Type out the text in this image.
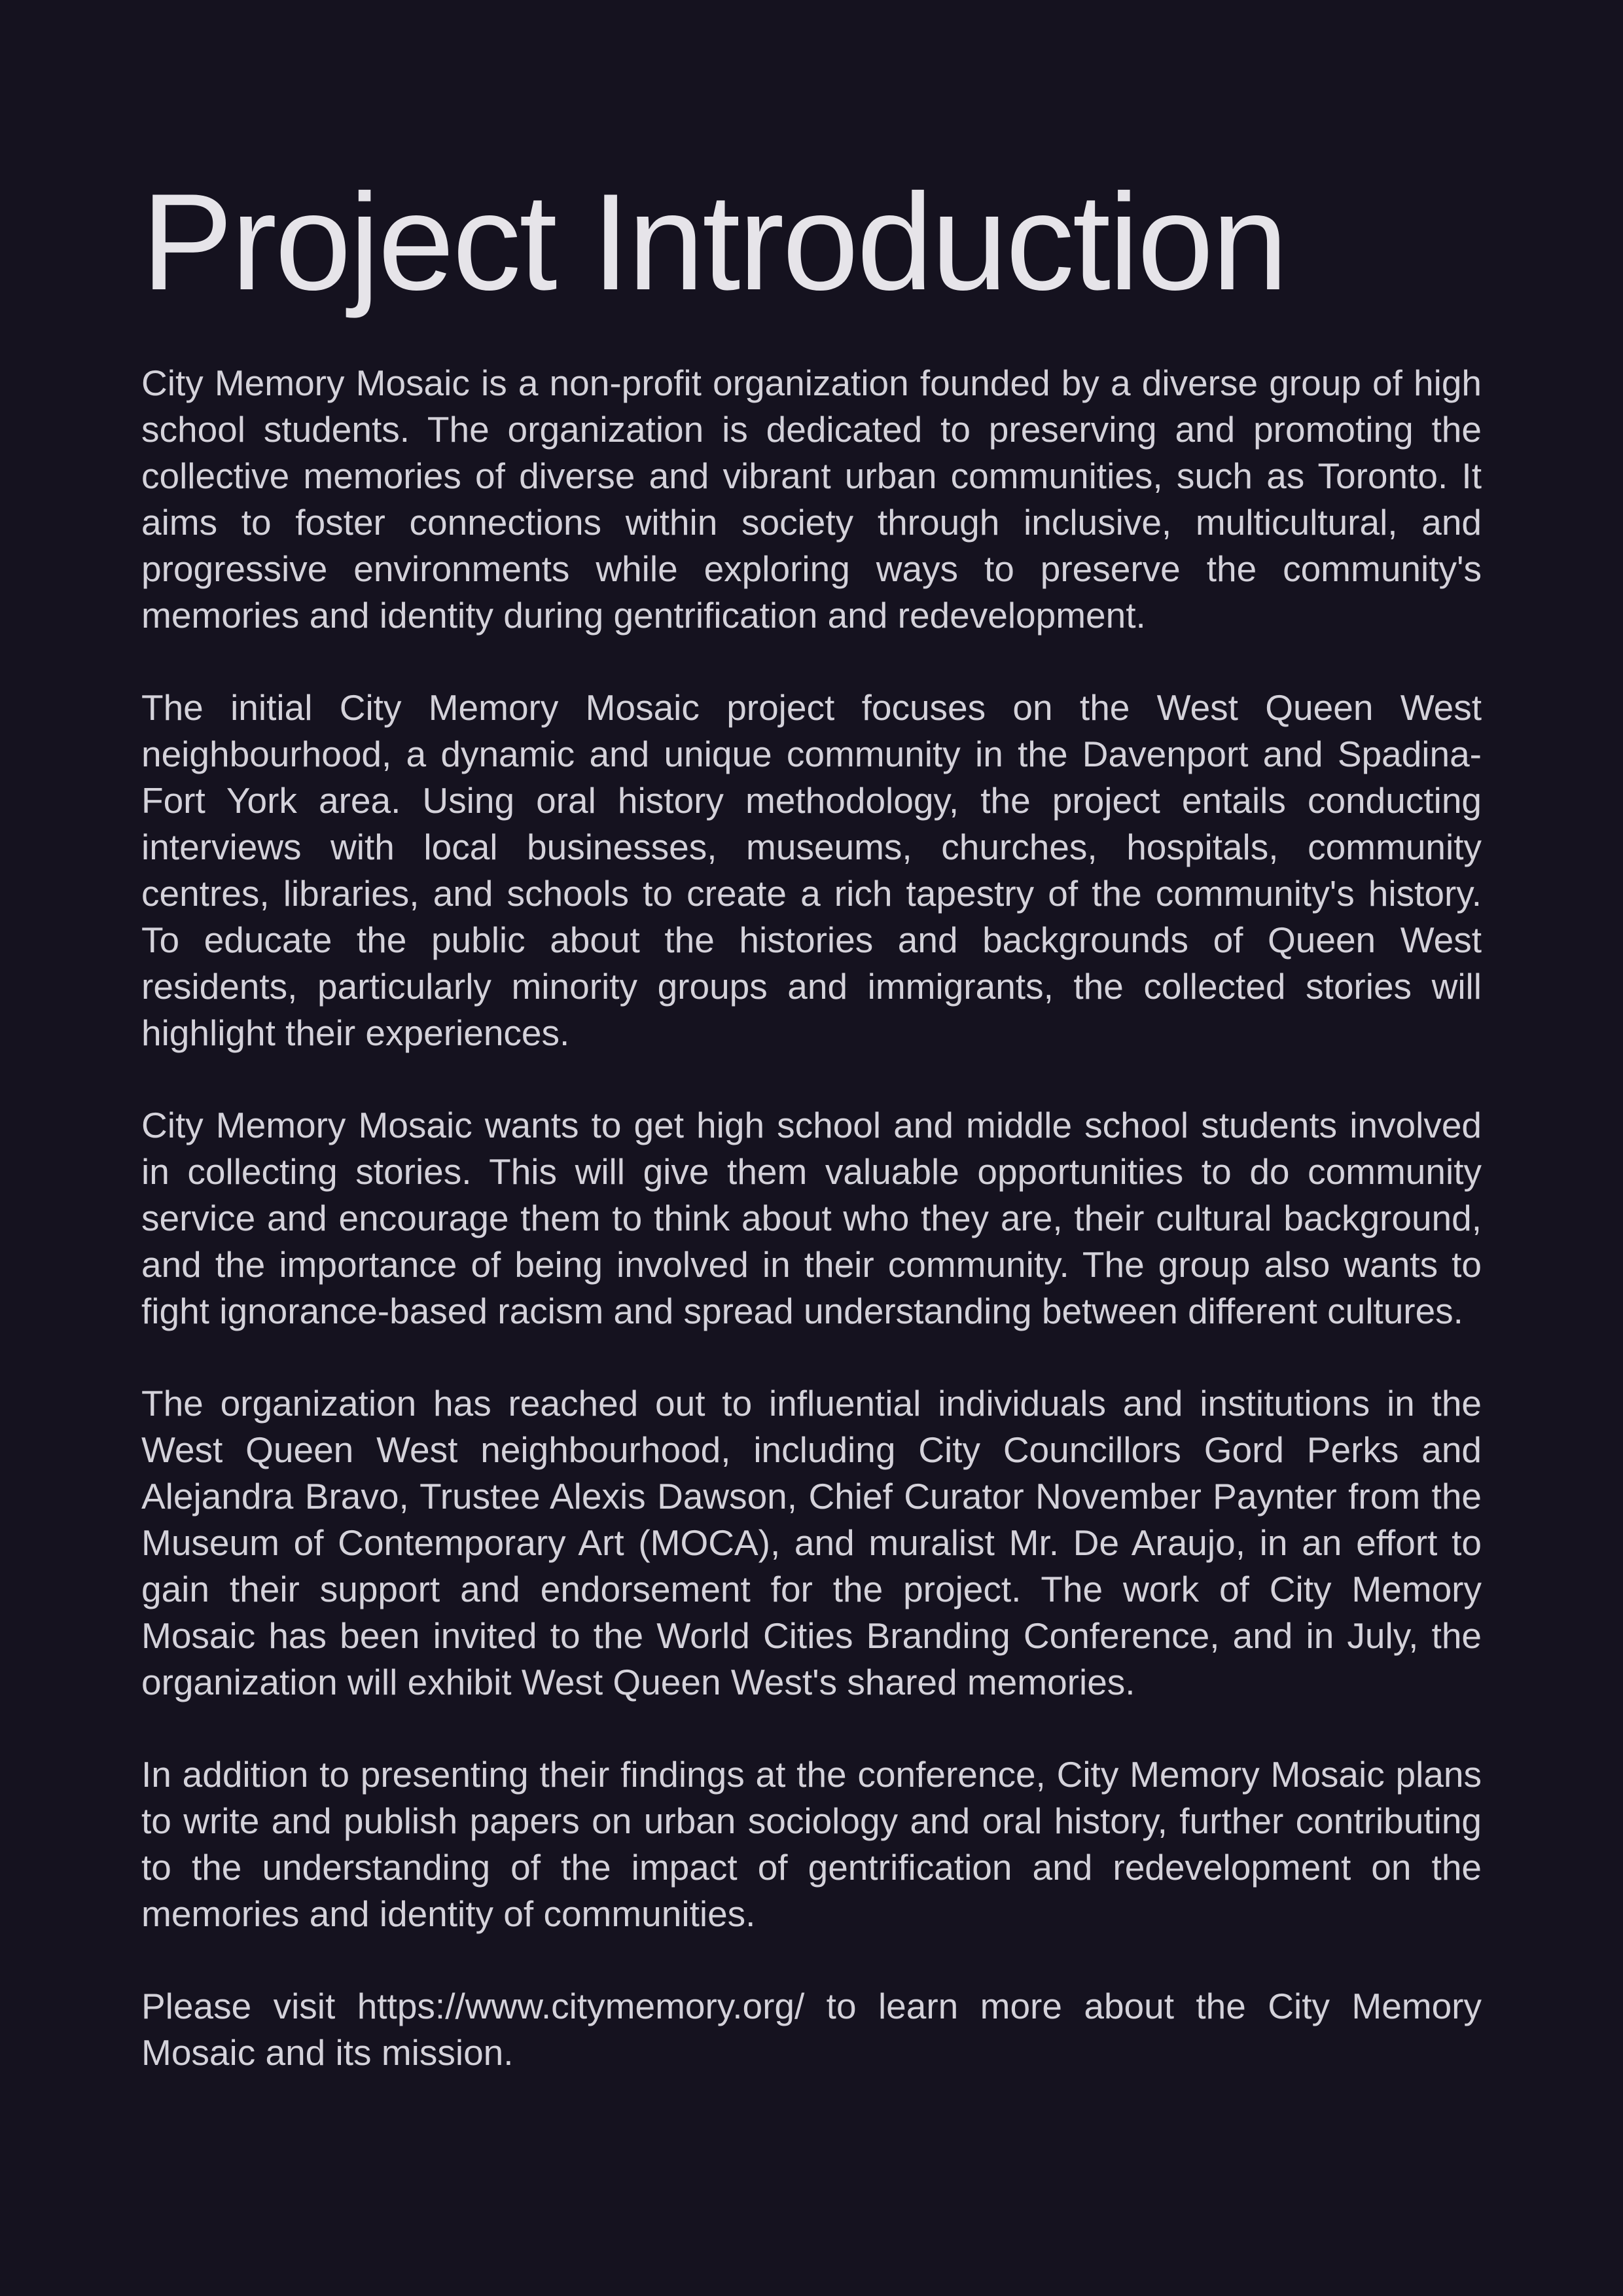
Project Introduction

City Memory Mosaic is a non-profit organization founded by a diverse group of high school students. The organization is dedicated to preserving and promoting the collective memories of diverse and vibrant urban communities, such as Toronto. It aims to foster connections within society through inclusive, multicultural, and progressive environments while exploring ways to preserve the community's memories and identity during gentrification and redevelopment.

The initial City Memory Mosaic project focuses on the West Queen West neighbourhood, a dynamic and unique community in the Davenport and Spadina-Fort York area. Using oral history methodology, the project entails conducting interviews with local businesses, museums, churches, hospitals, community centres, libraries, and schools to create a rich tapestry of the community's history. To educate the public about the histories and backgrounds of Queen West residents, particularly minority groups and immigrants, the collected stories will highlight their experiences.

City Memory Mosaic wants to get high school and middle school students involved in collecting stories. This will give them valuable opportunities to do community service and encourage them to think about who they are, their cultural background, and the importance of being involved in their community. The group also wants to fight ignorance-based racism and spread understanding between different cultures.

The organization has reached out to influential individuals and institutions in the West Queen West neighbourhood, including City Councillors Gord Perks and Alejandra Bravo, Trustee Alexis Dawson, Chief Curator November Paynter from the Museum of Contemporary Art (MOCA), and muralist Mr. De Araujo, in an effort to gain their support and endorsement for the project. The work of City Memory Mosaic has been invited to the World Cities Branding Conference, and in July, the organization will exhibit West Queen West's shared memories.

In addition to presenting their findings at the conference, City Memory Mosaic plans to write and publish papers on urban sociology and oral history, further contributing to the understanding of the impact of gentrification and redevelopment on the memories and identity of communities.

Please visit https://www.citymemory.org/ to learn more about the City Memory Mosaic and its mission.
